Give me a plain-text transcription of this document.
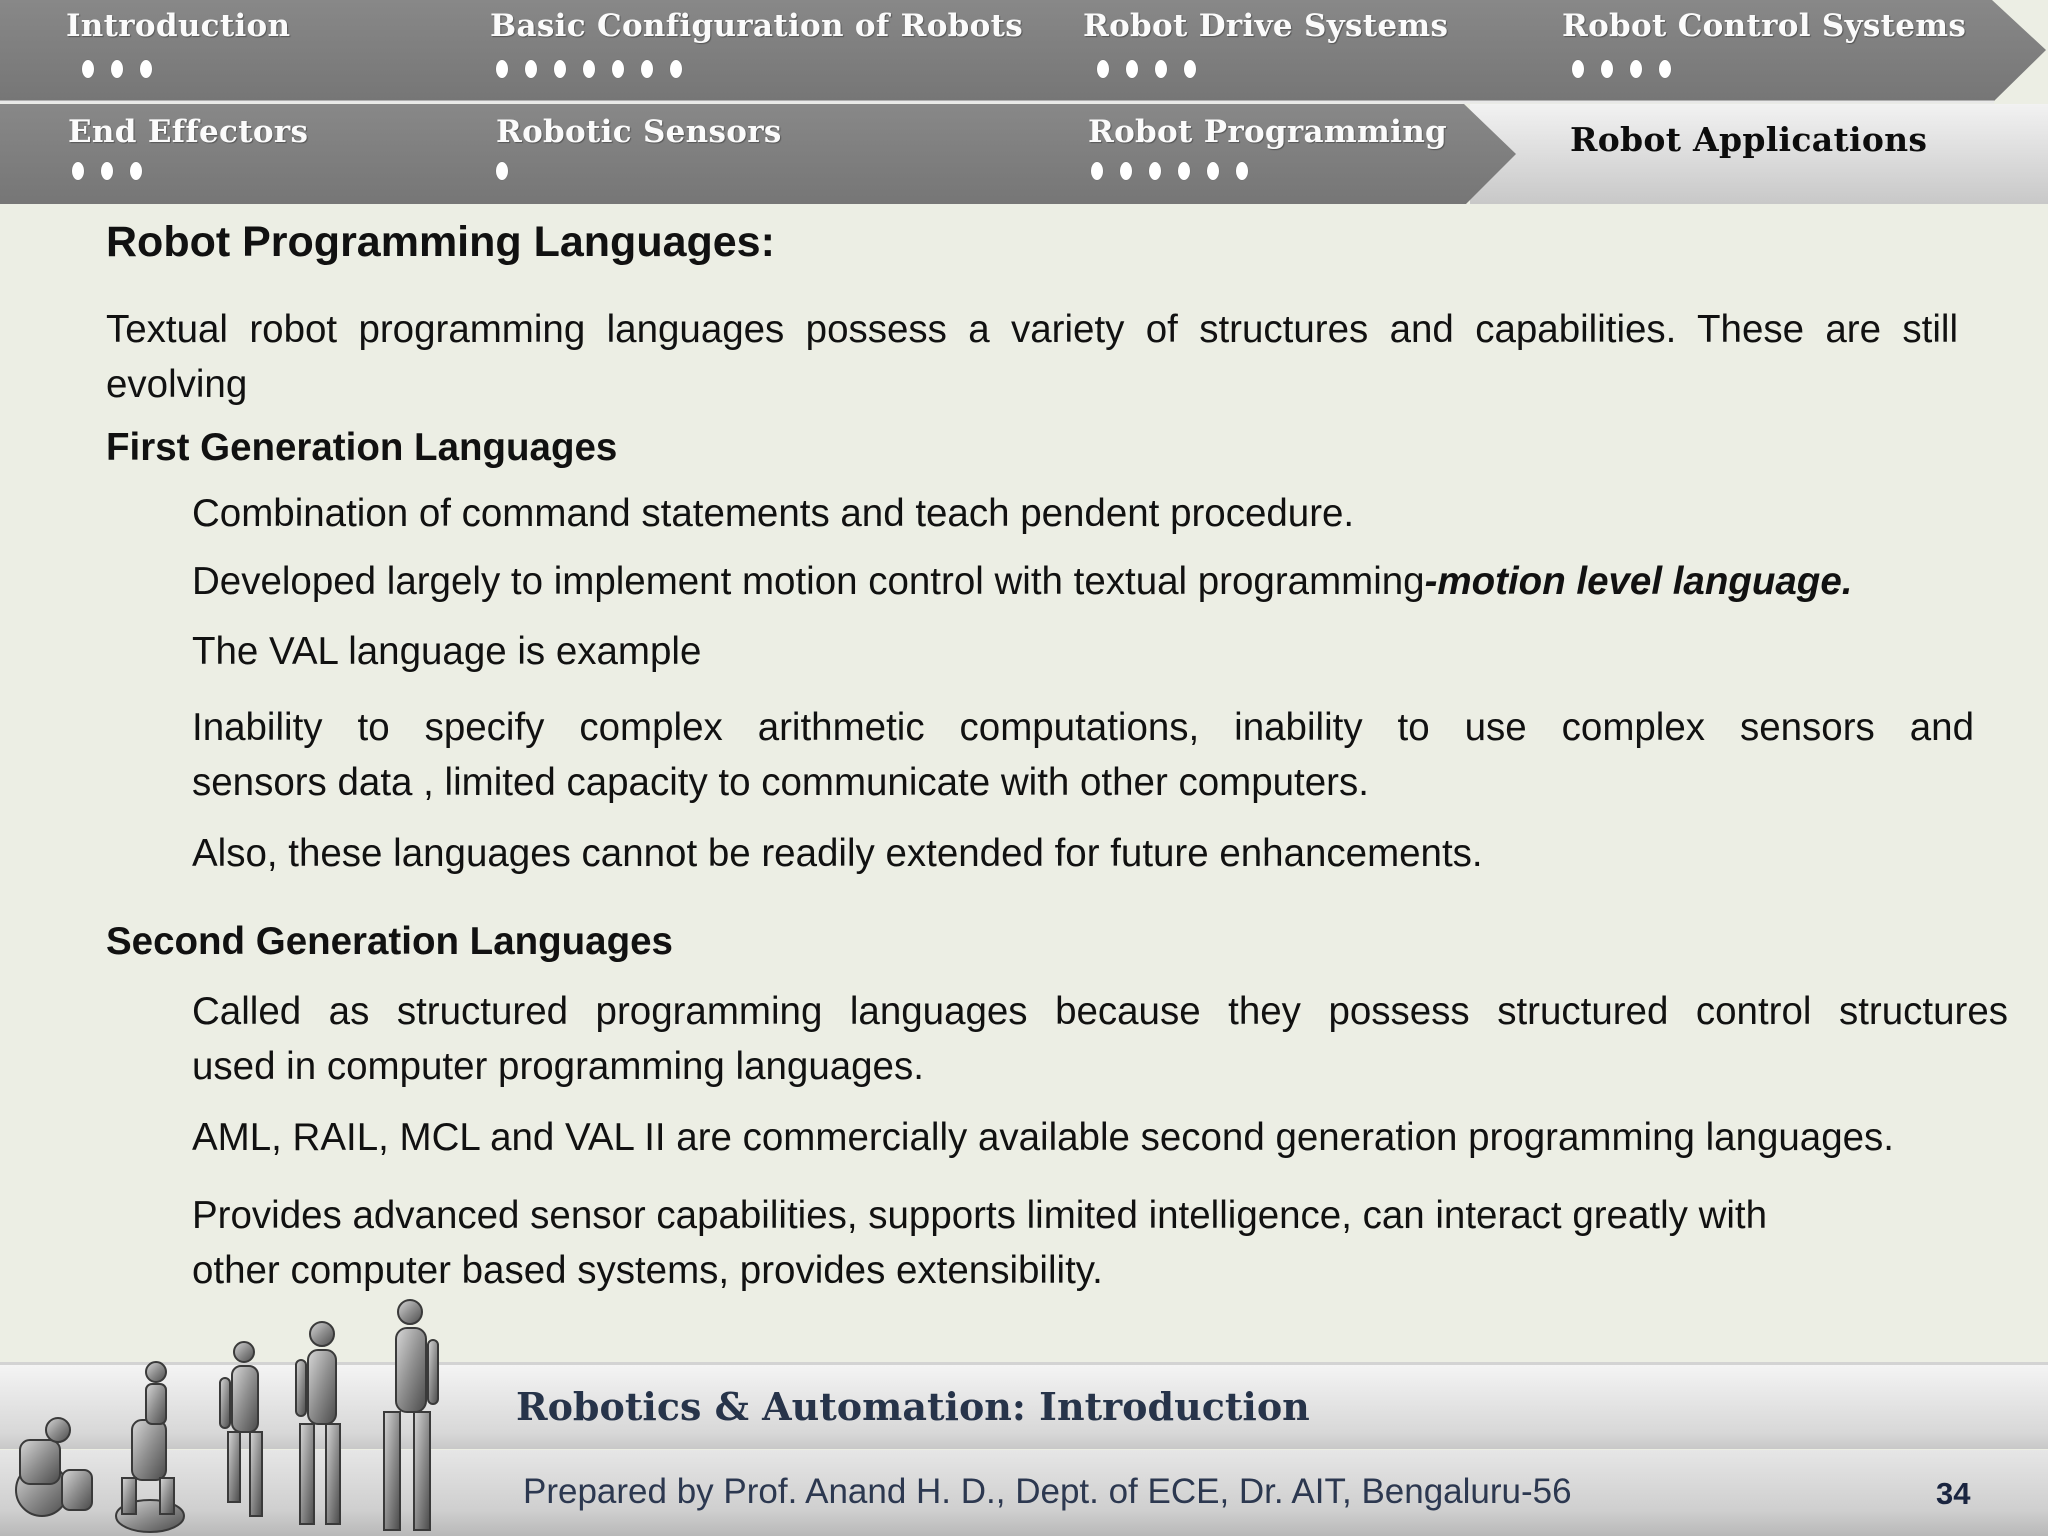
Introduction	Basic Configuration of Robots Robot Drive Systems	Robot Control Systems
End Effectors	Robotic Sensors	Robot Programming	Robot Applications
Robot Programming Languages:
Textual robot programming languages possess a variety of structures and capabilities. These are still
evolving
First Generation Languages
Combination of command statements and teach pendent procedure.
Developed largely to implement motion control with textual programming-motion level language.
The VAL language is example
Inability to specify complex arithmetic computations, inability to use complex sensors and
sensors data , limited capacity to communicate with other computers.
Also, these languages cannot be readily extended for future enhancements.
Second Generation Languages
Called as structured programming languages because they possess structured control structures
used in computer programming languages.
AML, RAIL, MCL and VAL II are commercially available second generation programming languages.
Provides advanced sensor capabilities, supports limited intelligence, can interact greatly with
other computer based systems, provides extensibility.
Robotics & Automation: Introduction
Prepared by Prof. Anand H. D., Dept. of ECE, Dr. AIT, Bengaluru-56	34
